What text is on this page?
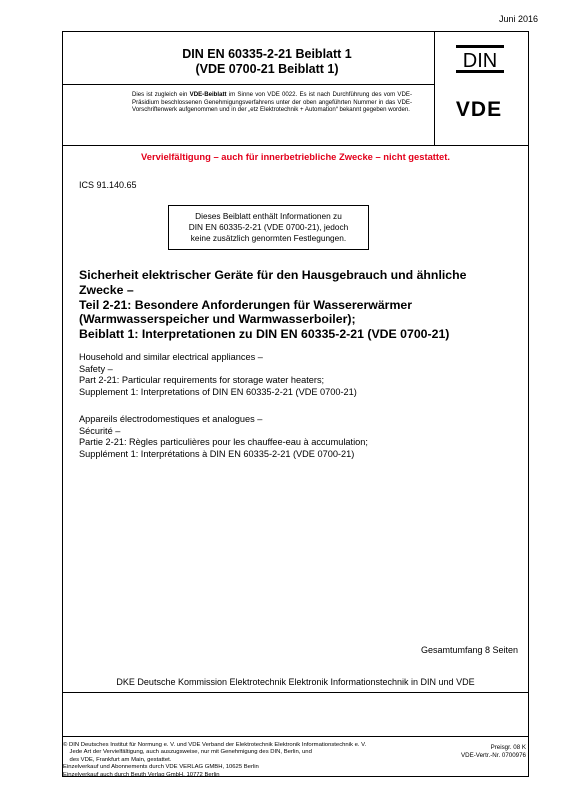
Juni 2016
DIN EN 60335-2-21 Beiblatt 1
(VDE 0700-21 Beiblatt 1)	DIN
VDE
Dies ist zugleich ein VDE-Beiblatt im Sinne von VDE 0022. Es ist nach Durchführung des vom VDE-Präsidium beschlossenen Genehmigungsverfahrens unter der oben angeführten Nummer in das VDE-Vorschriftenwerk aufgenommen und in der „etz Elektrotechnik + Automation“ bekannt gegeben worden.
Vervielfältigung – auch für innerbetriebliche Zwecke – nicht gestattet.
ICS 91.140.65
Dieses Beiblatt enthält Informationen zu
DIN EN 60335-2-21 (VDE 0700-21), jedoch
keine zusätzlich genormten Festlegungen.
Sicherheit elektrischer Geräte für den Hausgebrauch und ähnliche
Zwecke –
Teil 2-21: Besondere Anforderungen für Wassererwärmer
(Warmwasserspeicher und Warmwasserboiler);
Beiblatt 1: Interpretationen zu DIN EN 60335-2-21 (VDE 0700-21)
Household and similar electrical appliances –
Safety –
Part 2-21: Particular requirements for storage water heaters;
Supplement 1: Interpretations of DIN EN 60335-2-21 (VDE 0700-21)
Appareils électrodomestiques et analogues –
Sécurité –
Partie 2-21: Règles particulières pour les chauffee-eau à accumulation;
Supplément 1: Interprétations à DIN EN 60335-2-21 (VDE 0700-21)
Gesamtumfang 8 Seiten
DKE Deutsche Kommission Elektrotechnik Elektronik Informationstechnik in DIN und VDE
© DIN Deutsches Institut für Normung e. V. und VDE Verband der Elektrotechnik Elektronik Informationstechnik e. V.
Jede Art der Vervielfältigung, auch auszugsweise, nur mit Genehmigung des DIN, Berlin, und
des VDE, Frankfurt am Main, gestattet.
Einzelverkauf und Abonnements durch VDE VERLAG GMBH, 10625 Berlin
Einzelverkauf auch durch Beuth Verlag GmbH, 10772 Berlin
Preisgr. 08 K
VDE-Vertr.-Nr. 0700976
